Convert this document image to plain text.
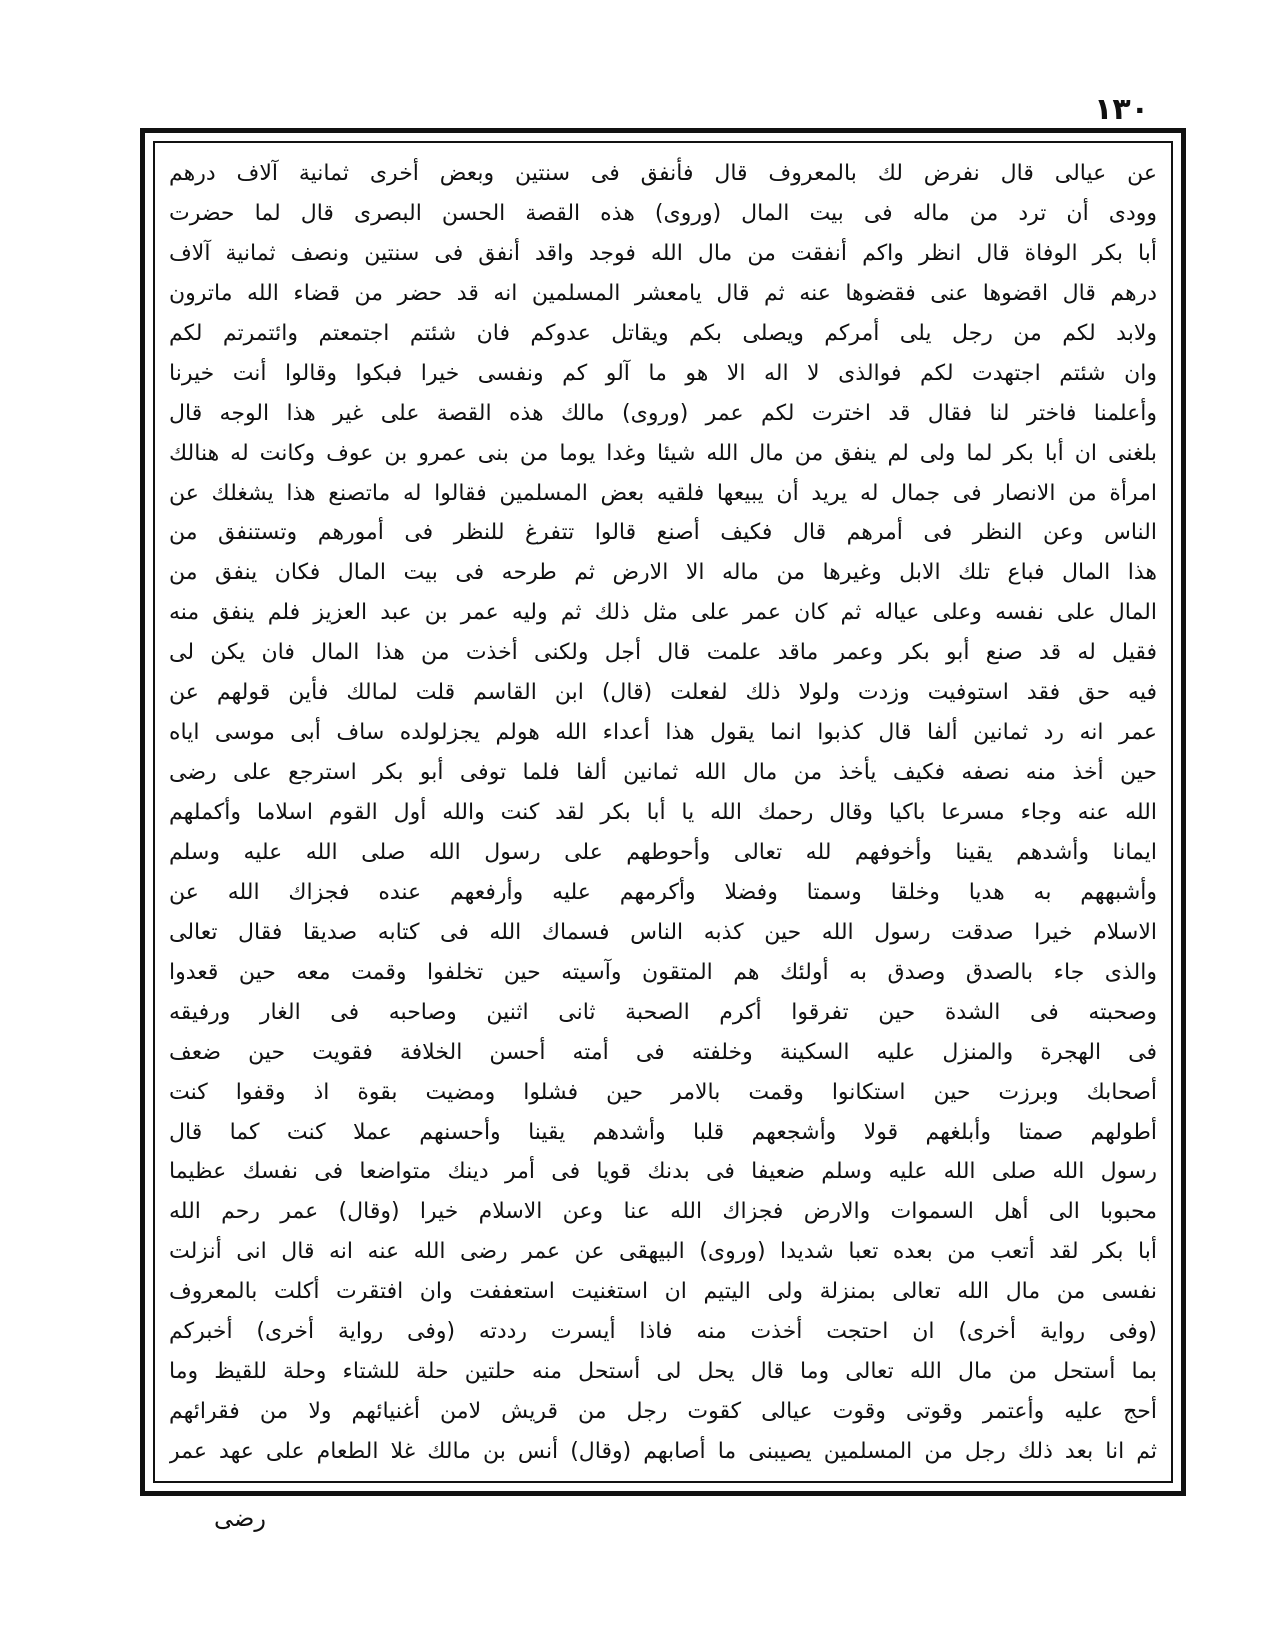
١٣٠
عن عيالى قال نفرض لك بالمعروف قال فأنفق فى سنتين وبعض أخرى ثمانية آلاف درهم
وودى أن ترد من ماله فى بيت المال (وروى) هذه القصة الحسن البصرى قال لما حضرت
أبا بكر الوفاة قال انظر واكم أنفقت من مال الله فوجد واقد أنفق فى سنتين ونصف ثمانية آلاف
درهم قال اقضوها عنى فقضوها عنه ثم قال يامعشر المسلمين انه قد حضر من قضاء الله ماترون
ولابد لكم من رجل يلى أمركم ويصلى بكم ويقاتل عدوكم فان شئتم اجتمعتم وائتمرتم لكم
وان شئتم اجتهدت لكم فوالذى لا اله الا هو ما آلو كم ونفسى خيرا فبكوا وقالوا أنت خيرنا
وأعلمنا فاختر لنا فقال قد اخترت لكم عمر (وروى) مالك هذه القصة على غير هذا الوجه قال
بلغنى ان أبا بكر لما ولى لم ينفق من مال الله شيئا وغدا يوما من بنى عمرو بن عوف وكانت له هنالك
امرأة من الانصار فى جمال له يريد أن يبيعها فلقيه بعض المسلمين فقالوا له ماتصنع هذا يشغلك عن
الناس وعن النظر فى أمرهم قال فكيف أصنع قالوا تتفرغ للنظر فى أمورهم وتستنفق من
هذا المال فباع تلك الابل وغيرها من ماله الا الارض ثم طرحه فى بيت المال فكان ينفق من
المال على نفسه وعلى عياله ثم كان عمر على مثل ذلك ثم وليه عمر بن عبد العزيز فلم ينفق منه
فقيل له قد صنع أبو بكر وعمر ماقد علمت قال أجل ولكنى أخذت من هذا المال فان يكن لى
فيه حق فقد استوفيت وزدت ولولا ذلك لفعلت (قال) ابن القاسم قلت لمالك فأين قولهم عن
عمر انه رد ثمانين ألفا قال كذبوا انما يقول هذا أعداء الله هولم يجزلولده ساف أبى موسى اياه
حين أخذ منه نصفه فكيف يأخذ من مال الله ثمانين ألفا فلما توفى أبو بكر استرجع على رضى
الله عنه وجاء مسرعا باكيا وقال رحمك الله يا أبا بكر لقد كنت والله أول القوم اسلاما وأكملهم
ايمانا وأشدهم يقينا وأخوفهم لله تعالى وأحوطهم على رسول الله صلى الله عليه وسلم
وأشبههم به هديا وخلقا وسمتا وفضلا وأكرمهم عليه وأرفعهم عنده فجزاك الله عن
الاسلام خيرا صدقت رسول الله حين كذبه الناس فسماك الله فى كتابه صديقا فقال تعالى
والذى جاء بالصدق وصدق به أولئك هم المتقون وآسيته حين تخلفوا وقمت معه حين قعدوا
وصحبته فى الشدة حين تفرقوا أكرم الصحبة ثانى اثنين وصاحبه فى الغار ورفيقه
فى الهجرة والمنزل عليه السكينة وخلفته فى أمته أحسن الخلافة فقويت حين ضعف
أصحابك وبرزت حين استكانوا وقمت بالامر حين فشلوا ومضيت بقوة اذ وقفوا كنت
أطولهم صمتا وأبلغهم قولا وأشجعهم قلبا وأشدهم يقينا وأحسنهم عملا كنت كما قال
رسول الله صلى الله عليه وسلم ضعيفا فى بدنك قويا فى أمر دينك متواضعا فى نفسك عظيما
محبوبا الى أهل السموات والارض فجزاك الله عنا وعن الاسلام خيرا (وقال) عمر رحم الله
أبا بكر لقد أتعب من بعده تعبا شديدا (وروى) البيهقى عن عمر رضى الله عنه انه قال انى أنزلت
نفسى من مال الله تعالى بمنزلة ولى اليتيم ان استغنيت استعففت وان افتقرت أكلت بالمعروف
(وفى رواية أخرى) ان احتجت أخذت منه فاذا أيسرت رددته (وفى رواية أخرى) أخبركم
بما أستحل من مال الله تعالى وما قال يحل لى أستحل منه حلتين حلة للشتاء وحلة للقيظ وما
أحج عليه وأعتمر وقوتى وقوت عيالى كقوت رجل من قريش لامن أغنيائهم ولا من فقرائهم
ثم انا بعد ذلك رجل من المسلمين يصيبنى ما أصابهم (وقال) أنس بن مالك غلا الطعام على عهد عمر
رضى
